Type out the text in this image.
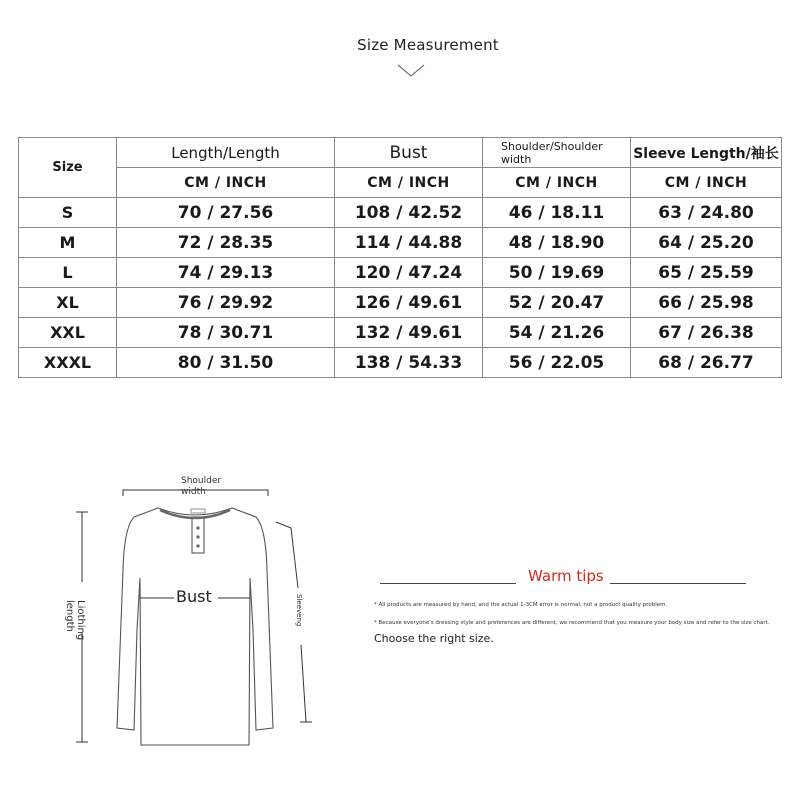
Size Measurement
Size	Length/Length	Bust	Shoulder/Shoulder width	Sleeve Length/袖长
	CM / INCH	CM / INCH	CM / INCH	CM / INCH
S	70 / 27.56	108 / 42.52	46 / 18.11	63 / 24.80
M	72 / 28.35	114 / 44.88	48 / 18.90	64 / 25.20
L	74 / 29.13	120 / 47.24	50 / 19.69	65 / 25.59
XL	76 / 29.92	126 / 49.61	52 / 20.47	66 / 25.98
XXL	78 / 30.71	132 / 49.61	54 / 21.26	67 / 26.38
XXXL	80 / 31.50	138 / 54.33	56 / 22.05	68 / 26.77
Shoulder width
Bust
Liothing length	Sleeveng
Warm tips
* All products are measured by hand, and the actual 1-3CM error is normal, not a product quality problem.
* Because everyone's dressing style and preferences are different, we recommend that you measure your body size and refer to the size chart.
Choose the right size.
